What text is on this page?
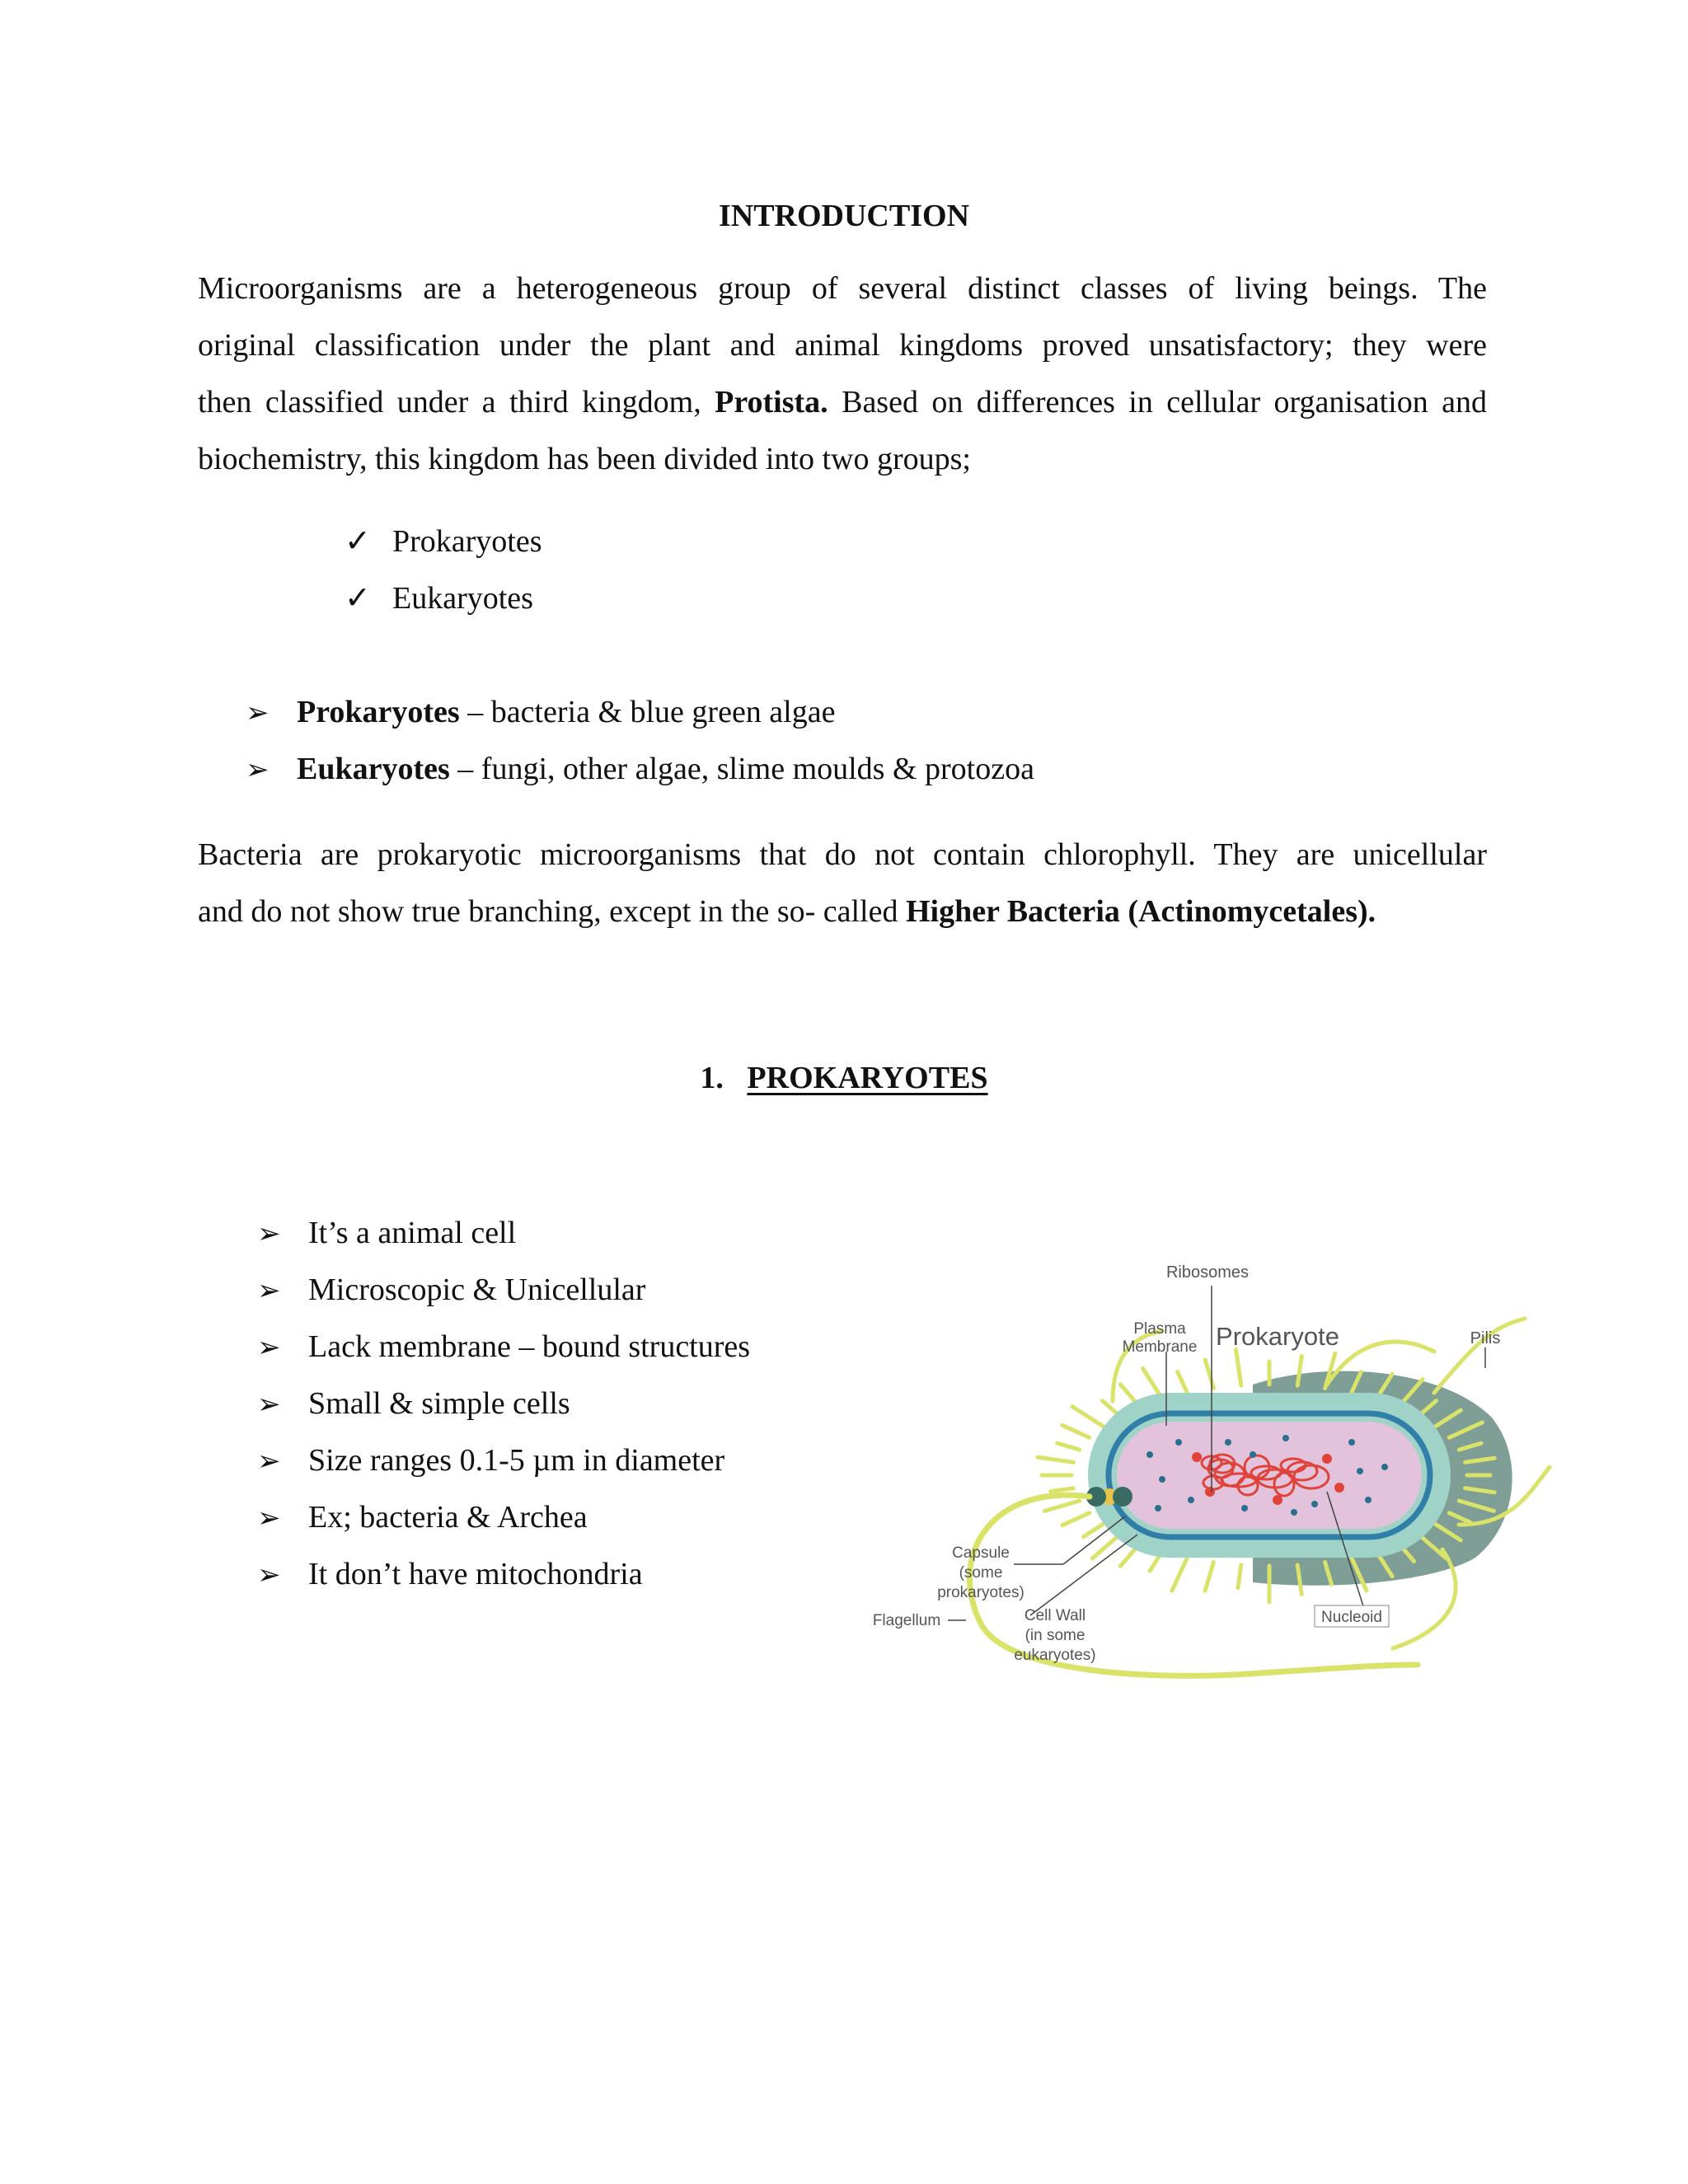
INTRODUCTION
Microorganisms are a heterogeneous group of several distinct classes of living beings. The
original classification under the plant and animal kingdoms proved unsatisfactory; they were
then classified under a third kingdom, Protista. Based on differences in cellular organisation and
biochemistry, this kingdom has been divided into two groups;
✓ Prokaryotes
✓ Eukaryotes
➢ Prokaryotes – bacteria & blue green algae
➢ Eukaryotes – fungi, other algae, slime moulds & protozoa
Bacteria are prokaryotic microorganisms that do not contain chlorophyll. They are unicellular
and do not show true branching, except in the so- called Higher Bacteria (Actinomycetales).
1. PROKARYOTES
➢ It’s a animal cell
➢ Microscopic & Unicellular
➢ Lack membrane – bound structures
➢ Small & simple cells
➢ Size ranges 0.1-5 µm in diameter
➢ Ex; bacteria & Archea
➢ It don’t have mitochondria
Ribosomes
Plasma
Membrane Prokaryote	Pilis
Capsule
(some
prokaryotes)
Flagellum	Cell Wall
(in some
eukaryotes)
Nucleoid
